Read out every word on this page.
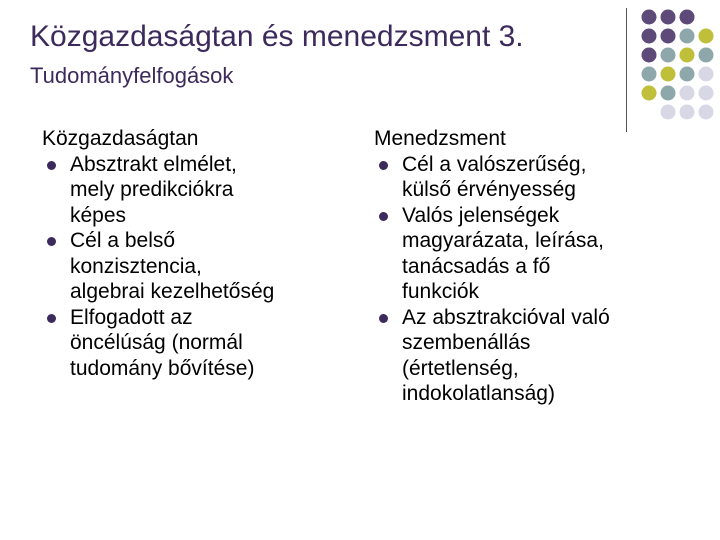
Közgazdaságtan és menedzsment 3.
Tudományfelfogások
Közgazdaságtan
Absztrakt elmélet,
mely predikciókra
képes
Cél a belső
konzisztencia,
algebrai kezelhetőség
Elfogadott az
öncélúság (normál
tudomány bővítése)
Menedzsment
Cél a valószerűség,
külső érvényesség
Valós jelenségek
magyarázata, leírása,
tanácsadás a fő
funkciók
Az absztrakcióval való
szembenállás
(értetlenség,
indokolatlanság)
